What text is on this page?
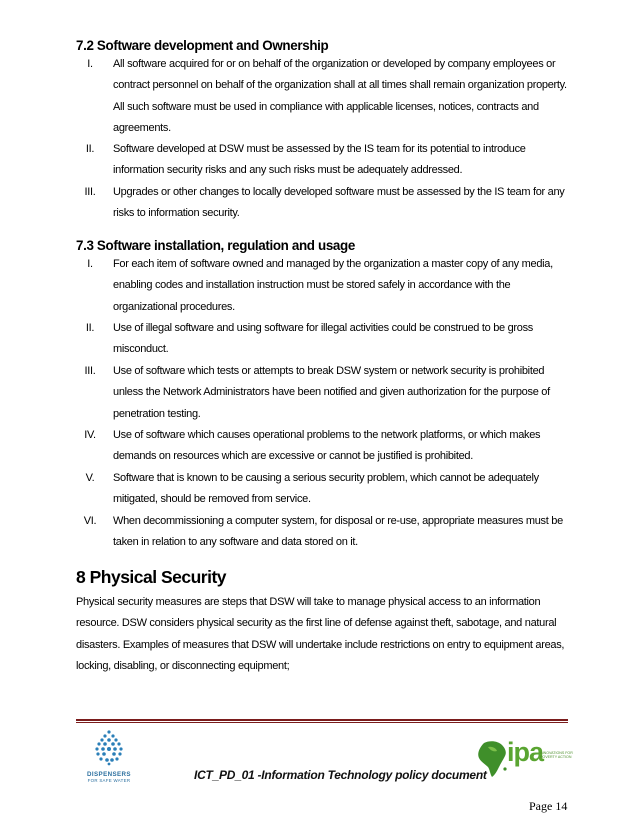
7.2 Software development and Ownership
I.	All software acquired for or on behalf of the organization or developed by company employees or contract personnel on behalf of the organization shall at all times shall remain organization property. All such software must be used in compliance with applicable licenses, notices, contracts and agreements.
II.	Software developed at DSW must be assessed by the IS team for its potential to introduce information security risks and any such risks must be adequately addressed.
III.	Upgrades or other changes to locally developed software must be assessed by the IS team for any risks to information security.
7.3 Software installation, regulation and usage
I.	For each item of software owned and managed by the organization a master copy of any media, enabling codes and installation instruction must be stored safely in accordance with the organizational procedures.
II.	Use of illegal software and using software for illegal activities could be construed to be gross misconduct.
III.	Use of software which tests or attempts to break DSW system or network security is prohibited unless the Network Administrators have been notified and given authorization for the purpose of penetration testing.
IV.	Use of software which causes operational problems to the network platforms, or which makes demands on resources which are excessive or cannot be justified is prohibited.
V.	Software that is known to be causing a serious security problem, which cannot be adequately mitigated, should be removed from service.
VI.	When decommissioning a computer system, for disposal or re-use, appropriate measures must be taken in relation to any software and data stored on it.
8 Physical Security

Physical security measures are steps that DSW will take to manage physical access to an information resource. DSW considers physical security as the first line of defense against theft, sabotage, and natural disasters. Examples of measures that DSW will undertake include restrictions on entry to equipment areas, locking, disabling, or disconnecting equipment;

DISPENSERS
FOR SAFE WATER	ICT_PD_01 -Information Technology policy document
ipa
INNOVATIONS FOR POVERTY ACTION
Page 14
